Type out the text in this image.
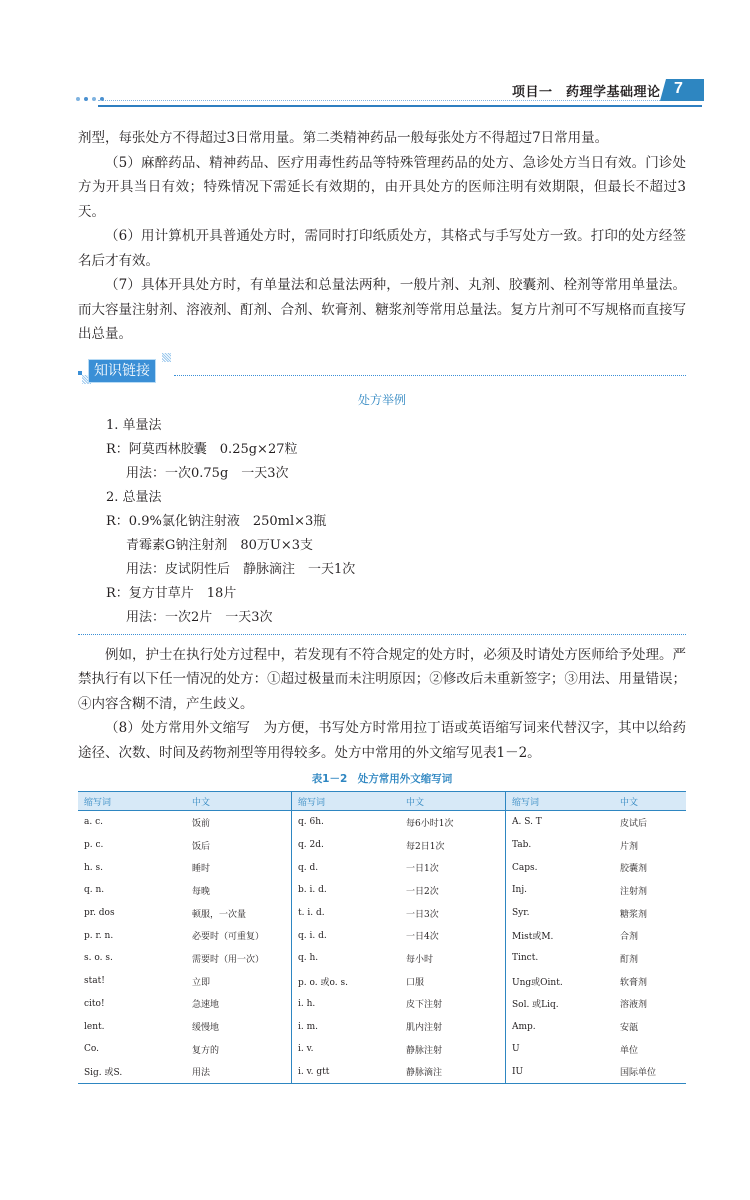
项目一　药理学基础理论 7

剂型，每张处方不得超过3日常用量。第二类精神药品一般每张处方不得超过7日常用量。

（5）麻醉药品、精神药品、医疗用毒性药品等特殊管理药品的处方、急诊处方当日有效。门诊处方为开具当日有效；特殊情况下需延长有效期的，由开具处方的医师注明有效期限，但最长不超过3天。

（6）用计算机开具普通处方时，需同时打印纸质处方，其格式与手写处方一致。打印的处方经签名后才有效。

（7）具体开具处方时，有单量法和总量法两种，一般片剂、丸剂、胶囊剂、栓剂等常用单量法。而大容量注射剂、溶液剂、酊剂、合剂、软膏剂、糖浆剂等常用总量法。复方片剂可不写规格而直接写出总量。

知识链接
处方举例
1. 单量法
R：阿莫西林胶囊　0.25g×27粒
用法：一次0.75g　一天3次
2. 总量法
R：0.9%氯化钠注射液　250ml×3瓶
青霉素G钠注射剂　80万U×3支
用法：皮试阴性后　静脉滴注　一天1次
R：复方甘草片　18片
用法：一次2片　一天3次

例如，护士在执行处方过程中，若发现有不符合规定的处方时，必须及时请处方医师给予处理。严禁执行有以下任一情况的处方：①超过极量而未注明原因；②修改后未重新签字；③用法、用量错误；④内容含糊不清，产生歧义。

（8）处方常用外文缩写　为方便，书写处方时常用拉丁语或英语缩写词来代替汉字，其中以给药途径、次数、时间及药物剂型等用得较多。处方中常用的外文缩写见表1－2。

表1－2　处方常用外文缩写词
缩写词	中文	缩写词	中文	缩写词	中文
a. c.	饭前	q. 6h.	每6小时1次	A. S. T	皮试后
p. c.	饭后	q. 2d.	每2日1次	Tab.	片剂
h. s.	睡时	q. d.	一日1次	Caps.	胶囊剂
q. n.	每晚	b. i. d.	一日2次	Inj.	注射剂
pr. dos	顿服，一次量	t. i. d.	一日3次	Syr.	糖浆剂
p. r. n.	必要时（可重复）	q. i. d.	一日4次	Mist或M.	合剂
s. o. s.	需要时（用一次）	q. h.	每小时	Tinct.	酊剂
stat!	立即	p. o. 或o. s.	口服	Ung或Oint.	软膏剂
cito!	急速地	i. h.	皮下注射	Sol. 或Liq.	溶液剂
lent.	缓慢地	i. m.	肌内注射	Amp.	安瓿
Co.	复方的	i. v.	静脉注射	U	单位
Sig. 或S.	用法	i. v. gtt	静脉滴注	IU	国际单位
